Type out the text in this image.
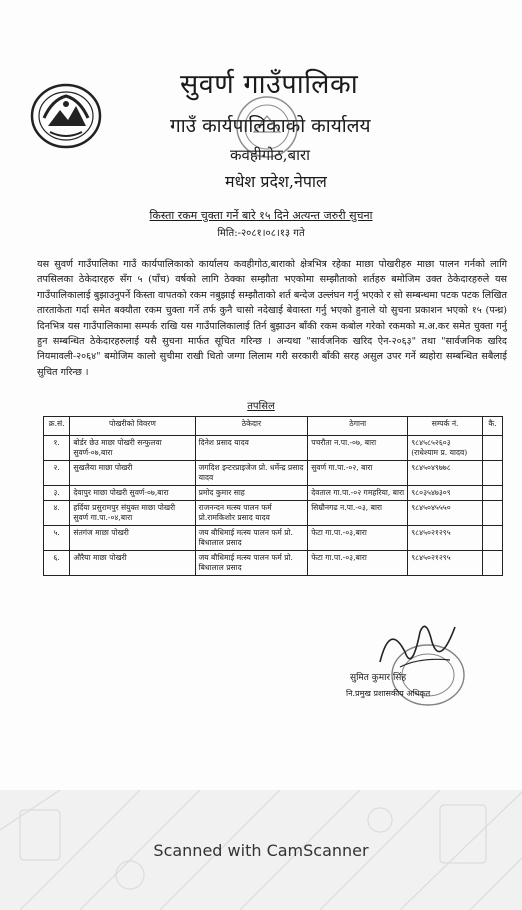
सुवर्ण गाउँपालिका
गाउँ कार्यपालिकाको कार्यालय
कवहीगोठ,बारा
मधेश प्रदेश,नेपाल
किस्ता रकम चुक्ता गर्ने बारे १५ दिने अत्यन्त जरुरी सुचना
मिति:-२०८१।०८।१३ गते
यस सुवर्ण गाउँपालिका गाउँ कार्यपालिकाको कार्यालय कवहीगोठ,बाराको क्षेत्रभित्र रहेका माछा पोखरीहरु माछा पालन गर्नको लागि तपसिलका ठेकेदारहरु सँग ५ (पाँच) वर्षको लागि ठेक्का सम्झौता भएकोमा सम्झौताको शर्तहरु बमोजिम उक्त ठेकेदारहरुले यस गाउँपालिकालाई बुझाउनुपर्ने किस्ता वापतको रकम नबुझाई सम्झौताको शर्त बन्देज उल्लंघन गर्नु भएको र सो सम्बन्धमा पटक पटक लिखित तारताकेता गर्दा समेत बक्यौता रकम चुक्ता गर्ने तर्फ कुनै चासो नदेखाई बेवास्ता गर्नु भएको हुनाले यो सुचना प्रकाशन भएको १५ (पन्ध्र) दिनभित्र यस गाउँपालिकामा सम्पर्क राखि यस गाउँपालिकालाई तिर्न बुझाउन बाँकी रकम कबोल गरेको रकमको म.अ.कर समेत चुक्ता गर्नु हुन सम्बन्धित ठेकेदारहरुलाई यसै सुचना मार्फत सूचित गरिन्छ । अन्यथा "सार्वजनिक खरिद ऐन-२०६३" तथा "सार्वजनिक खरिद नियमावली-२०६४" बमोजिम कालो सुचीमा राखी धितो जग्गा लिलाम गरी सरकारी बाँकी सरह असुल उपर गर्ने ब्यहोरा सम्बन्धित सबैलाई सुचित गरिन्छ ।
तपसिल
क्र.सं.	पोखरीको विवरण	ठेकेदार	ठेगाना	सम्पर्क नं.	कै.
१.	बोर्डर छेउ माछा पोखरी सन्फुलवा सुवर्ण-०७,बारा	दिनेश प्रसाद यादव	पचरौता न.पा.-०७, बारा	९८४५८५२६०३ (राधेश्याम प्र. यादव)	
२.	सुखलैया माछा पोखरी	जगदिश इन्टरप्राइजेज प्रो. धर्मेन्द्र प्रसाद यादव	सुवर्ण गा.पा.-०२, बारा	९८४५०४९७७८	
३.	देवापुर माछा पोखरी सुवर्ण-०७,बारा	प्रमोद कुमार साह	देवताल गा.पा.-०२ गमहरिया, बारा	९८०३५४७३०९	
४.	हर्दिया प्रसुरामपुर संयुक्त माछा पोखरी सुवर्ण गा.पा.-०४,बारा	राजनन्दन मत्स्य पालन फर्म प्रो.रामकिशोर प्रसाद यादव	सिम्रौनगढ न.पा.-०३, बारा	९८४५०४५५५०	
५.	संतगंज माछा पोखरी	जय बौधिमाई मत्स्य पालन फर्म प्रो. बिधालाल प्रसाद	फेटा गा.पा.-०३,बारा	९८४५०२१२९५	
६.	औरैया माछा पोखरी	जय बौधिमाई मत्स्य पालन फर्म प्रो. बिधालाल प्रसाद	फेटा गा.पा.-०३,बारा	९८४५०२१२९५	
सुमित कुमार सिंह
नि.प्रमुख प्रशासकीय अधिकृत
Scanned with CamScanner
